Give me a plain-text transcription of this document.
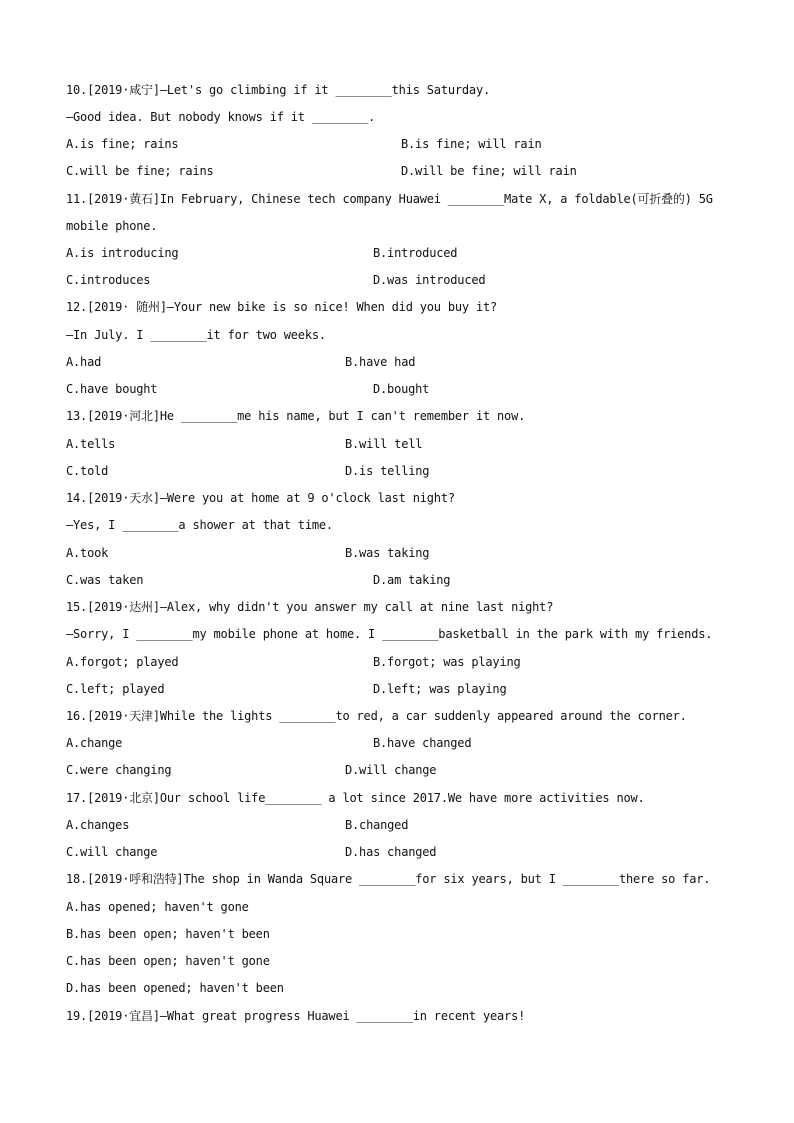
10.[2019·咸宁]—Let's go climbing if it ________this Saturday.
—Good idea. But nobody knows if it ________.
A.is fine; rains	B.is fine; will rain
C.will be fine; rains	D.will be fine; will rain
11.[2019·黄石]In February, Chinese tech company Huawei ________Mate X, a foldable(可折叠的) 5G
mobile phone.
A.is introducing	B.introduced
C.introduces	D.was introduced
12.[2019· 随州]—Your new bike is so nice! When did you buy it?
—In July. I ________it for two weeks.
A.had	B.have had
C.have bought	D.bought
13.[2019·河北]He ________me his name, but I can't remember it now.
A.tells	B.will tell
C.told	D.is telling
14.[2019·天水]—Were you at home at 9 o'clock last night?
—Yes, I ________a shower at that time.
A.took	B.was taking
C.was taken	D.am taking
15.[2019·达州]—Alex, why didn't you answer my call at nine last night?
—Sorry, I ________my mobile phone at home. I ________basketball in the park with my friends.
A.forgot; played	B.forgot; was playing
C.left; played	D.left; was playing
16.[2019·天津]While the lights ________to red, a car suddenly appeared around the corner.
A.change	B.have changed
C.were changing	D.will change
17.[2019·北京]Our school life________ a lot since 2017.We have more activities now.
A.changes	B.changed
C.will change	D.has changed
18.[2019·呼和浩特]The shop in Wanda Square ________for six years, but I ________there so far.
A.has opened; haven't gone
B.has been open; haven't been
C.has been open; haven't gone
D.has been opened; haven't been
19.[2019·宜昌]—What great progress Huawei ________in recent years!
